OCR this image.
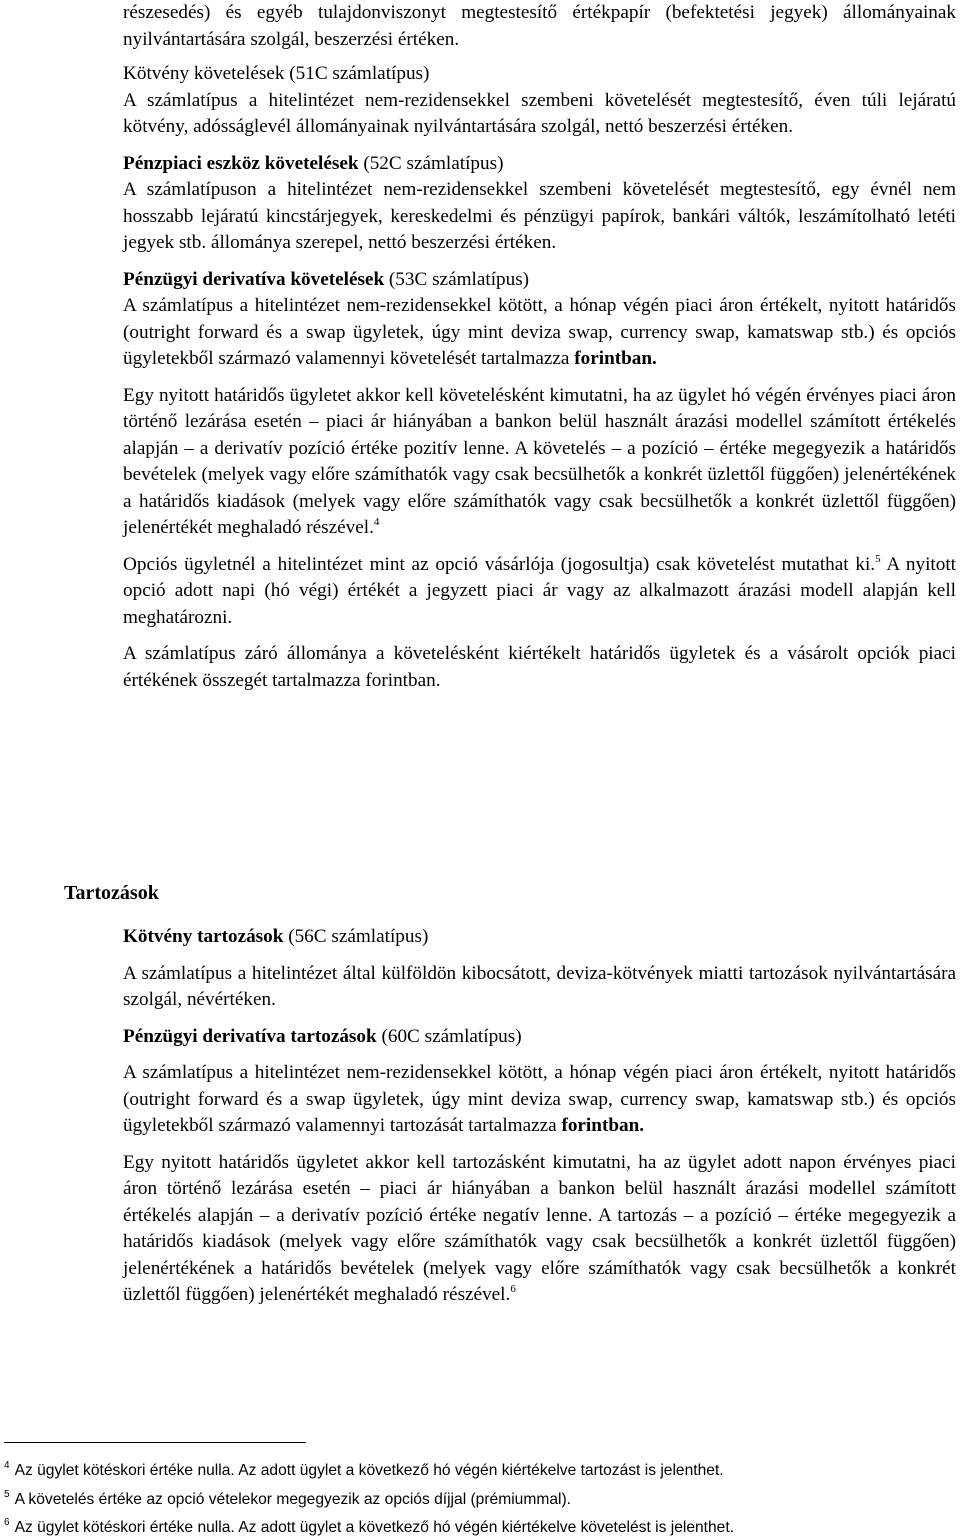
részesedés) és egyéb tulajdonviszonyt megtestesítő értékpapír (befektetési jegyek) állományainak nyilvántartására szolgál, beszerzési értéken.

Kötvény követelések (51C számlatípus)

A számlatípus a hitelintézet nem-rezidensekkel szembeni követelését megtestesítő, éven túli lejáratú kötvény, adósságlevél állományainak nyilvántartására szolgál, nettó beszerzési értéken.

Pénzpiaci eszköz követelések (52C számlatípus)

A számlatípuson a hitelintézet nem-rezidensekkel szembeni követelését megtestesítő, egy évnél nem hosszabb lejáratú kincstárjegyek, kereskedelmi és pénzügyi papírok, bankári váltók, leszámítolható letéti jegyek stb. állománya szerepel, nettó beszerzési értéken.

Pénzügyi derivatíva követelések (53C számlatípus)

A számlatípus a hitelintézet nem-rezidensekkel kötött, a hónap végén piaci áron értékelt, nyitott határidős (outright forward és a swap ügyletek, úgy mint deviza swap, currency swap, kamatswap stb.) és opciós ügyletekből származó valamennyi követelését tartalmazza forintban.

Egy nyitott határidős ügyletet akkor kell követelésként kimutatni, ha az ügylet hó végén érvényes piaci áron történő lezárása esetén – piaci ár hiányában a bankon belül használt árazási modellel számított értékelés alapján – a derivatív pozíció értéke pozitív lenne. A követelés – a pozíció – értéke megegyezik a határidős bevételek (melyek vagy előre számíthatók vagy csak becsülhetők a konkrét üzlettől függően) jelenértékének a határidős kiadások (melyek vagy előre számíthatók vagy csak becsülhetők a konkrét üzlettől függően) jelenértékét meghaladó részével.$^4$

Opciós ügyletnél a hitelintézet mint az opció vásárlója (jogosultja) csak követelést mutathat ki.$^5$ A nyitott opció adott napi (hó végi) értékét a jegyzett piaci ár vagy az alkalmazott árazási modell alapján kell meghatározni.

A számlatípus záró állománya a követelésként kiértékelt határidős ügyletek és a vásárolt opciók piaci értékének összegét tartalmazza forintban.

Tartozások

Kötvény tartozások (56C számlatípus)

A számlatípus a hitelintézet által külföldön kibocsátott, deviza-kötvények miatti tartozások nyilvántartására szolgál, névértéken.

Pénzügyi derivatíva tartozások (60C számlatípus)

A számlatípus a hitelintézet nem-rezidensekkel kötött, a hónap végén piaci áron értékelt, nyitott határidős (outright forward és a swap ügyletek, úgy mint deviza swap, currency swap, kamatswap stb.) és opciós ügyletekből származó valamennyi tartozását tartalmazza forintban.

Egy nyitott határidős ügyletet akkor kell tartozásként kimutatni, ha az ügylet adott napon érvényes piaci áron történő lezárása esetén – piaci ár hiányában a bankon belül használt árazási modellel számított értékelés alapján – a derivatív pozíció értéke negatív lenne. A tartozás – a pozíció – értéke megegyezik a határidős kiadások (melyek vagy előre számíthatók vagy csak becsülhetők a konkrét üzlettől függően) jelenértékének a határidős bevételek (melyek vagy előre számíthatók vagy csak becsülhetők a konkrét üzlettől függően) jelenértékét meghaladó részével.$^6$

$^4$ Az ügylet kötéskori értéke nulla. Az adott ügylet a következő hó végén kiértékelve tartozást is jelenthet.

$^5$ A követelés értéke az opció vételekor megegyezik az opciós díjjal (prémiummal).

$^6$ Az ügylet kötéskori értéke nulla. Az adott ügylet a következő hó végén kiértékelve követelést is jelenthet.
